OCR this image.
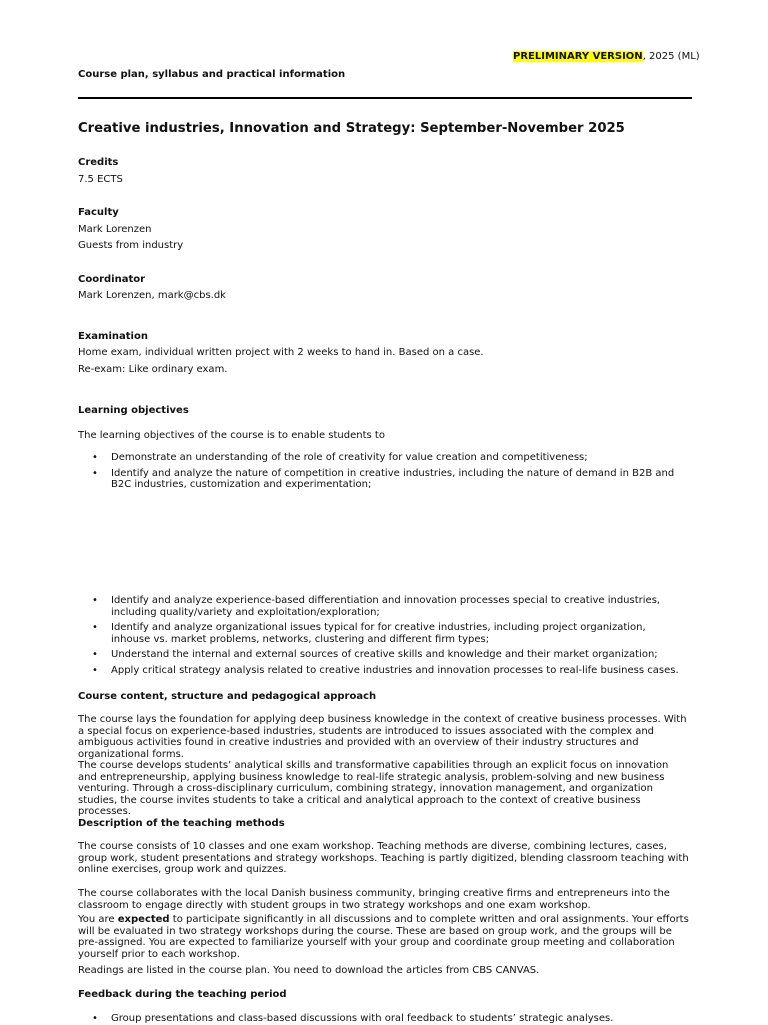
PRELIMINARY VERSION, 2025 (ML)
Course plan, syllabus and practical information
Creative industries, Innovation and Strategy: September-November 2025
Credits
7.5 ECTS
Faculty
Mark Lorenzen
Guests from industry
Coordinator
Mark Lorenzen, mark@cbs.dk
Examination
Home exam, individual written project with 2 weeks to hand in. Based on a case.
Re-exam: Like ordinary exam.
Learning objectives
The learning objectives of the course is to enable students to
• Demonstrate an understanding of the role of creativity for value creation and competitiveness;
• Identify and analyze the nature of competition in creative industries, including the nature of demand in B2B and B2C industries, customization and experimentation;
• Identify and analyze experience-based differentiation and innovation processes special to creative industries, including quality/variety and exploitation/exploration;
• Identify and analyze organizational issues typical for for creative industries, including project organization, inhouse vs. market problems, networks, clustering and different firm types;
• Understand the internal and external sources of creative skills and knowledge and their market organization;
• Apply critical strategy analysis related to creative industries and innovation processes to real-life business cases.
Course content, structure and pedagogical approach
The course lays the foundation for applying deep business knowledge in the context of creative business processes. With a special focus on experience-based industries, students are introduced to issues associated with the complex and ambiguous activities found in creative industries and provided with an overview of their industry structures and organizational forms.
The course develops students’ analytical skills and transformative capabilities through an explicit focus on innovation and entrepreneurship, applying business knowledge to real-life strategic analysis, problem-solving and new business venturing. Through a cross-disciplinary curriculum, combining strategy, innovation management, and organization studies, the course invites students to take a critical and analytical approach to the context of creative business processes.
Description of the teaching methods
The course consists of 10 classes and one exam workshop. Teaching methods are diverse, combining lectures, cases, group work, student presentations and strategy workshops. Teaching is partly digitized, blending classroom teaching with online exercises, group work and quizzes.
The course collaborates with the local Danish business community, bringing creative firms and entrepreneurs into the classroom to engage directly with student groups in two strategy workshops and one exam workshop.
You are expected to participate significantly in all discussions and to complete written and oral assignments. Your efforts will be evaluated in two strategy workshops during the course. These are based on group work, and the groups will be pre-assigned. You are expected to familiarize yourself with your group and coordinate group meeting and collaboration yourself prior to each workshop.
Readings are listed in the course plan. You need to download the articles from CBS CANVAS.
Feedback during the teaching period
• Group presentations and class-based discussions with oral feedback to students’ strategic analyses.
